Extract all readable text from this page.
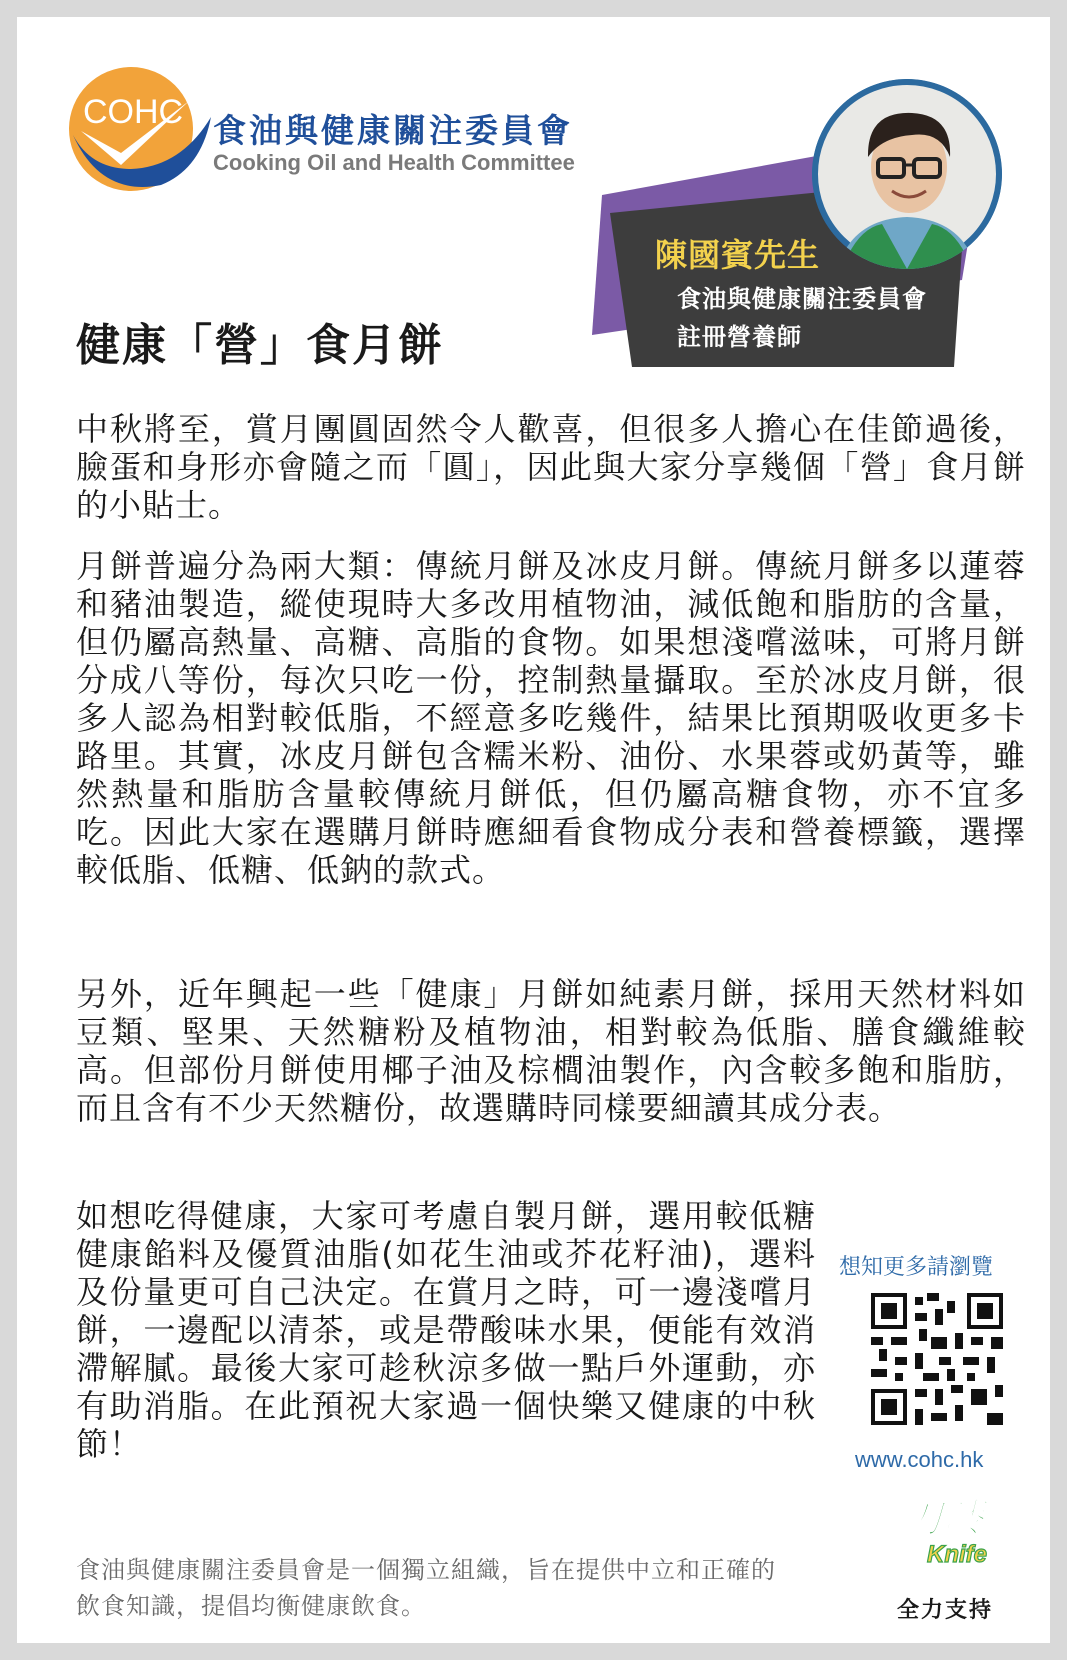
COHC 食油與健康關注委員會
Cooking Oil and Health Committee
陳國賓先生
食油與健康關注委員會
註冊營養師
健康「營」食月餅

中秋將至，賞月團圓固然令人歡喜，但很多人擔心在佳節過後，臉蛋和身形亦會隨之而「圓」，因此與大家分享幾個「營」食月餅的小貼士。

月餅普遍分為兩大類：傳統月餅及冰皮月餅。傳統月餅多以蓮蓉和豬油製造，縱使現時大多改用植物油，減低飽和脂肪的含量，但仍屬高熱量、高糖、高脂的食物。如果想淺嚐滋味，可將月餅分成八等份，每次只吃一份，控制熱量攝取。至於冰皮月餅，很多人認為相對較低脂，不經意多吃幾件，結果比預期吸收更多卡路里。其實，冰皮月餅包含糯米粉、油份、水果蓉或奶黃等，雖然熱量和脂肪含量較傳統月餅低，但仍屬高糖食物，亦不宜多吃。因此大家在選購月餅時應細看食物成分表和營養標籤，選擇較低脂、低糖、低鈉的款式。

另外，近年興起一些「健康」月餅如純素月餅，採用天然材料如豆類、堅果、天然糖粉及植物油，相對較為低脂、膳食纖維較高。但部份月餅使用椰子油及棕櫚油製作，內含較多飽和脂肪，而且含有不少天然糖份，故選購時同樣要細讀其成分表。

如想吃得健康，大家可考慮自製月餅，選用較低糖健康餡料及優質油脂(如花生油或芥花籽油)，選料及份量更可自己決定。在賞月之時，可一邊淺嚐月餅，一邊配以清茶，或是帶酸味水果，便能有效消滯解膩。最後大家可趁秋涼多做一點戶外運動，亦有助消脂。在此預祝大家過一個快樂又健康的中秋節！

食油與健康關注委員會是一個獨立組織，旨在提供中立和正確的飲食知識，提倡均衡健康飲食。

想知更多請瀏覽
www.cohc.hk
刀嘜
Knife
全力支持
